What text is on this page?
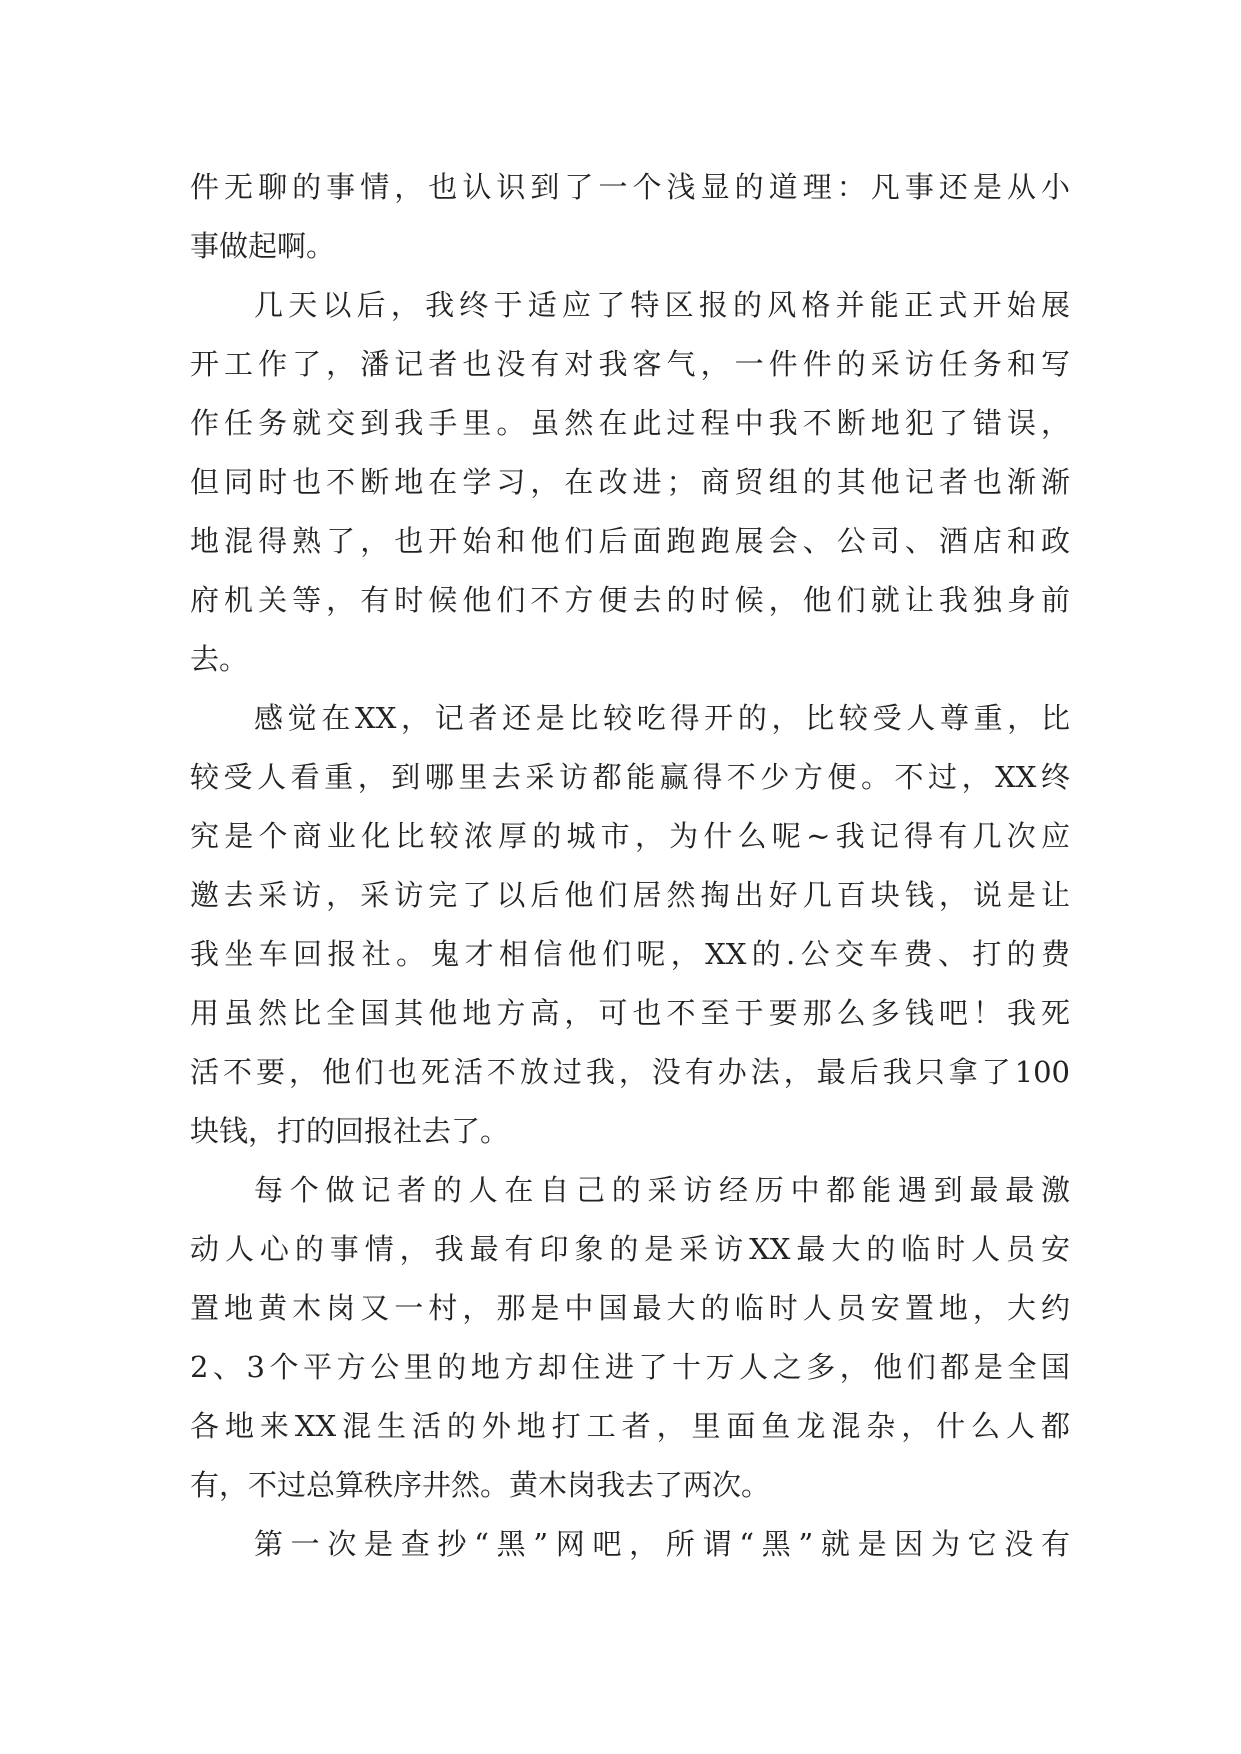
件无聊的事情，也认识到了一个浅显的道理：凡事还是从小
事做起啊。
几天以后，我终于适应了特区报的风格并能正式开始展
开工作了，潘记者也没有对我客气，一件件的采访任务和写
作任务就交到我手里。虽然在此过程中我不断地犯了错误，
但同时也不断地在学习，在改进；商贸组的其他记者也渐渐
地混得熟了，也开始和他们后面跑跑展会、公司、酒店和政
府机关等，有时候他们不方便去的时候，他们就让我独身前
去。
感觉在XX，记者还是比较吃得开的，比较受人尊重，比
较受人看重，到哪里去采访都能赢得不少方便。不过，XX终
究是个商业化比较浓厚的城市，为什么呢~我记得有几次应
邀去采访，采访完了以后他们居然掏出好几百块钱，说是让
我坐车回报社。鬼才相信他们呢，XX的.公交车费、打的费
用虽然比全国其他地方高，可也不至于要那么多钱吧！我死
活不要，他们也死活不放过我，没有办法，最后我只拿了100
块钱，打的回报社去了。
每个做记者的人在自己的采访经历中都能遇到最最激
动人心的事情，我最有印象的是采访XX最大的临时人员安
置地黄木岗又一村，那是中国最大的临时人员安置地，大约
2、3个平方公里的地方却住进了十万人之多，他们都是全国
各地来XX混生活的外地打工者，里面鱼龙混杂，什么人都
有，不过总算秩序井然。黄木岗我去了两次。
第一次是查抄“黑”网吧，所谓“黑”就是因为它没有
